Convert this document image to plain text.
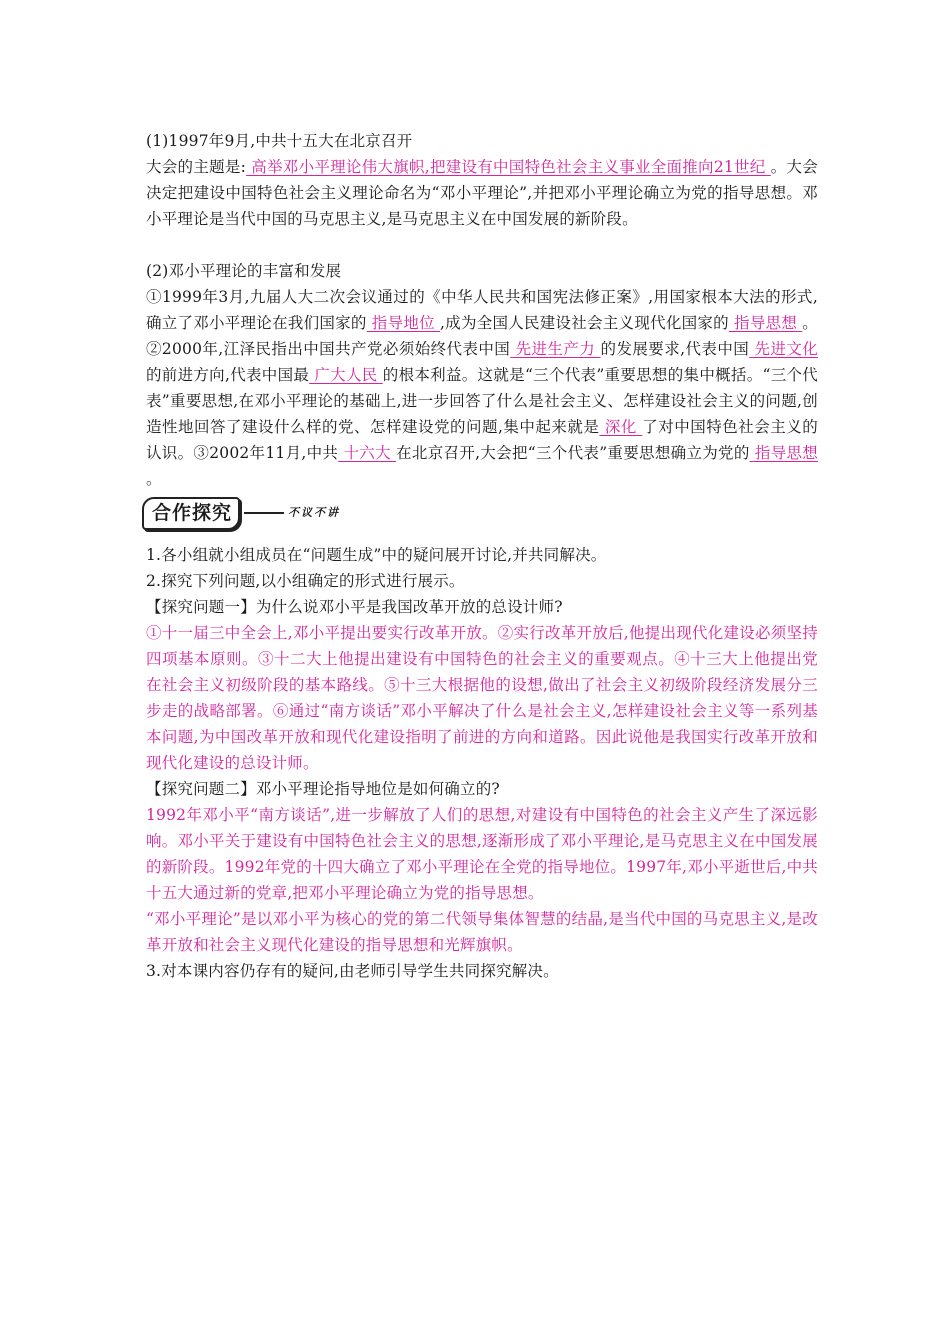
(1)1997年9月,中共十五大在北京召开

大会的主题是: 高举邓小平理论伟大旗帜,把建设有中国特色社会主义事业全面推向21世纪 。大会决定把建设中国特色社会主义理论命名为“邓小平理论”,并把邓小平理论确立为党的指导思想。邓小平理论是当代中国的马克思主义,是马克思主义在中国发展的新阶段。

(2)邓小平理论的丰富和发展

①1999年3月,九届人大二次会议通过的《中华人民共和国宪法修正案》,用国家根本大法的形式,确立了邓小平理论在我们国家的 指导地位 ,成为全国人民建设社会主义现代化国家的 指导思想 。②2000年,江泽民指出中国共产党必须始终代表中国 先进生产力 的发展要求,代表中国 先进文化 的前进方向,代表中国最 广大人民 的根本利益。这就是“三个代表”重要思想的集中概括。“三个代表”重要思想,在邓小平理论的基础上,进一步回答了什么是社会主义、怎样建设社会主义的问题,创造性地回答了建设什么样的党、怎样建设党的问题,集中起来就是 深化 了对中国特色社会主义的认识。③2002年11月,中共 十六大 在北京召开,大会把“三个代表”重要思想确立为党的 指导思想 。

合作探究	不议不讲

1.各小组就小组成员在“问题生成”中的疑问展开讨论,并共同解决。

2.探究下列问题,以小组确定的形式进行展示。

【探究问题一】为什么说邓小平是我国改革开放的总设计师?

①十一届三中全会上,邓小平提出要实行改革开放。②实行改革开放后,他提出现代化建设必须坚持四项基本原则。③十二大上他提出建设有中国特色的社会主义的重要观点。④十三大上他提出党在社会主义初级阶段的基本路线。⑤十三大根据他的设想,做出了社会主义初级阶段经济发展分三步走的战略部署。⑥通过“南方谈话”邓小平解决了什么是社会主义,怎样建设社会主义等一系列基本问题,为中国改革开放和现代化建设指明了前进的方向和道路。因此说他是我国实行改革开放和现代化建设的总设计师。

【探究问题二】邓小平理论指导地位是如何确立的?

1992年邓小平“南方谈话”,进一步解放了人们的思想,对建设有中国特色的社会主义产生了深远影响。邓小平关于建设有中国特色社会主义的思想,逐渐形成了邓小平理论,是马克思主义在中国发展的新阶段。1992年党的十四大确立了邓小平理论在全党的指导地位。1997年,邓小平逝世后,中共十五大通过新的党章,把邓小平理论确立为党的指导思想。

“邓小平理论”是以邓小平为核心的党的第二代领导集体智慧的结晶,是当代中国的马克思主义,是改革开放和社会主义现代化建设的指导思想和光辉旗帜。

3.对本课内容仍存有的疑问,由老师引导学生共同探究解决。
